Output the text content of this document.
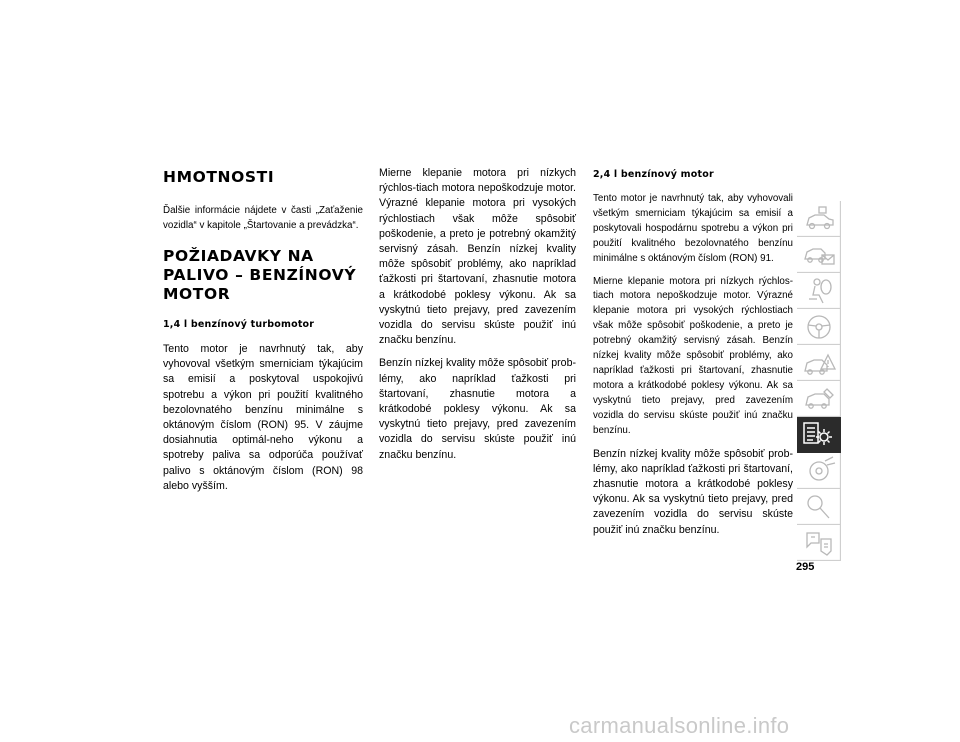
HMOTNOSTI

Ďalšie informácie nájdete v časti „Zaťaženie vozidla“ v kapitole „Štartovanie a prevádzka“.

POŽIADAVKY NA PALIVO – BENZÍNOVÝ MOTOR
1,4 l benzínový turbomotor

Tento motor je navrhnutý tak, aby vyhovoval všetkým smerniciam týkajúcim sa emisií a poskytoval uspokojivú spotrebu a výkon pri použití kvalitného bezolovnatého benzínu minimálne s oktánovým číslom (RON) 95. V záujme dosiahnutia optimál-neho výkonu a spotreby paliva sa odporúča používať palivo s oktánovým číslom (RON) 98 alebo vyšším.

Mierne klepanie motora pri nízkych rýchlos-tiach motora nepoškodzuje motor. Výrazné klepanie motora pri vysokých rýchlostiach však môže spôsobiť poškodenie, a preto je potrebný okamžitý servisný zásah. Benzín nízkej kvality môže spôsobiť problémy, ako napríklad ťažkosti pri štartovaní, zhasnutie motora a krátkodobé poklesy výkonu. Ak sa vyskytnú tieto prejavy, pred zavezením vozidla do servisu skúste použiť inú značku benzínu.

Benzín nízkej kvality môže spôsobiť prob-lémy, ako napríklad ťažkosti pri štartovaní, zhasnutie motora a krátkodobé poklesy výkonu. Ak sa vyskytnú tieto prejavy, pred zavezením vozidla do servisu skúste použiť inú značku benzínu.

2,4 l benzínový motor

Tento motor je navrhnutý tak, aby vyhovovali všetkým smerniciam týkajúcim sa emisií a poskytovali hospodárnu spotrebu a výkon pri použití kvalitného bezolovnatého benzínu minimálne s oktánovým číslom (RON) 91.

Mierne klepanie motora pri nízkych rýchlos-tiach motora nepoškodzuje motor. Výrazné klepanie motora pri vysokých rýchlostiach však môže spôsobiť poškodenie, a preto je potrebný okamžitý servisný zásah. Benzín nízkej kvality môže spôsobiť problémy, ako napríklad ťažkosti pri štartovaní, zhasnutie motora a krátkodobé poklesy výkonu. Ak sa vyskytnú tieto prejavy, pred zavezením vozidla do servisu skúste použiť inú značku benzínu.

Benzín nízkej kvality môže spôsobiť prob-lémy, ako napríklad ťažkosti pri štartovaní, zhasnutie motora a krátkodobé poklesy výkonu. Ak sa vyskytnú tieto prejavy, pred zavezením vozidla do servisu skúste použiť inú značku benzínu.

295
carmanualsonline.info
